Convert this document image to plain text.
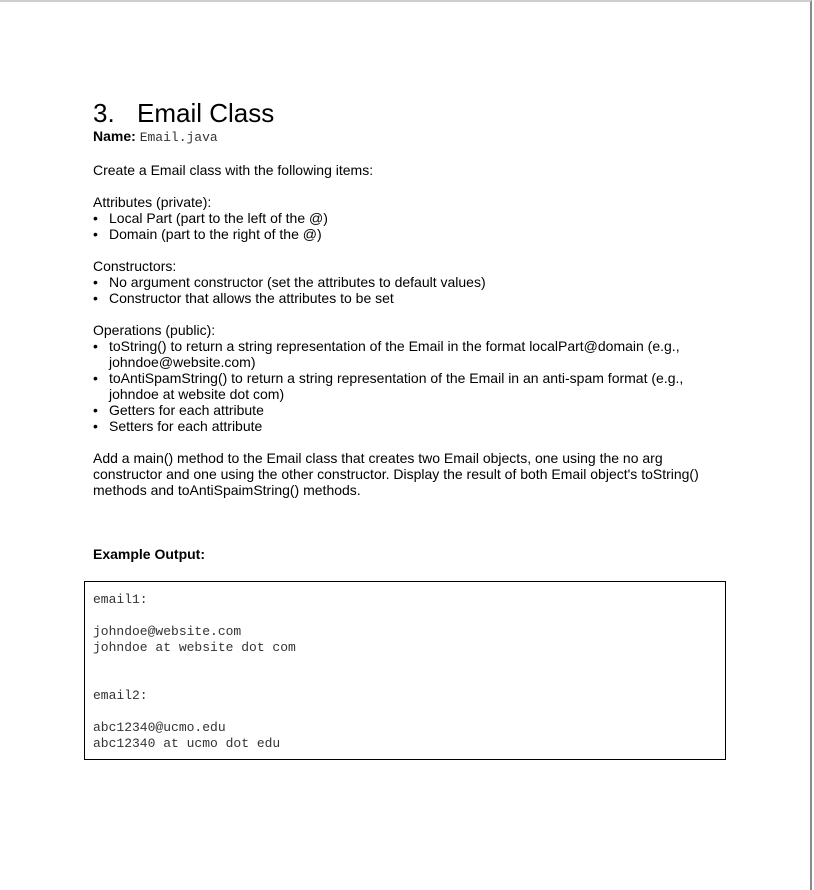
3. Email Class
Name: Email.java

Create a Email class with the following items:

Attributes (private):

• Local Part (part to the left of the @)
• Domain (part to the right of the @)

Constructors:

• No argument constructor (set the attributes to default values)
• Constructor that allows the attributes to be set

Operations (public):

• toString() to return a string representation of the Email in the format localPart@domain (e.g., johndoe@website.com)
• toAntiSpamString() to return a string representation of the Email in an anti-spam format (e.g., johndoe at website dot com)
• Getters for each attribute
• Setters for each attribute

Add a main() method to the Email class that creates two Email objects, one using the no arg constructor and one using the other constructor. Display the result of both Email object's toString() methods and toAntiSpaimString() methods.

Example Output:
email1:
johndoe@website.com
johndoe at website dot com
email2:
abc12340@ucmo.edu
abc12340 at ucmo dot edu
